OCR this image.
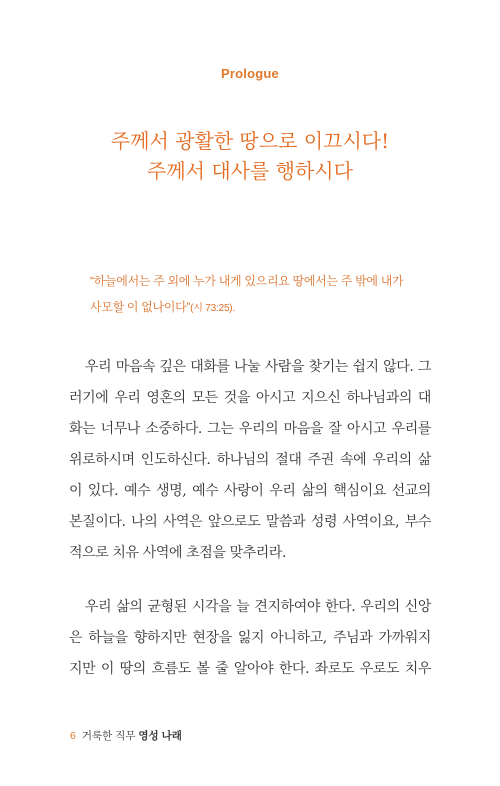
Prologue
주께서 광활한 땅으로 이끄시다!
주께서 대사를 행하시다
“하늘에서는 주 외에 누가 내게 있으리요 땅에서는 주 밖에 내가
사모할 이 없나이다”(시 73:25).
우리 마음속 깊은 대화를 나눌 사람을 찾기는 쉽지 않다. 그
러기에 우리 영혼의 모든 것을 아시고 지으신 하나님과의 대
화는 너무나 소중하다. 그는 우리의 마음을 잘 아시고 우리를
위로하시며 인도하신다. 하나님의 절대 주권 속에 우리의 삶
이 있다. 예수 생명, 예수 사랑이 우리 삶의 핵심이요 선교의
본질이다. 나의 사역은 앞으로도 말씀과 성령 사역이요, 부수
적으로 치유 사역에 초점을 맞추리라.
우리 삶의 균형된 시각을 늘 견지하여야 한다. 우리의 신앙
은 하늘을 향하지만 현장을 잃지 아니하고, 주님과 가까워지
지만 이 땅의 흐름도 볼 줄 알아야 한다. 좌로도 우로도 치우
6 거룩한 직무 영성 나래
